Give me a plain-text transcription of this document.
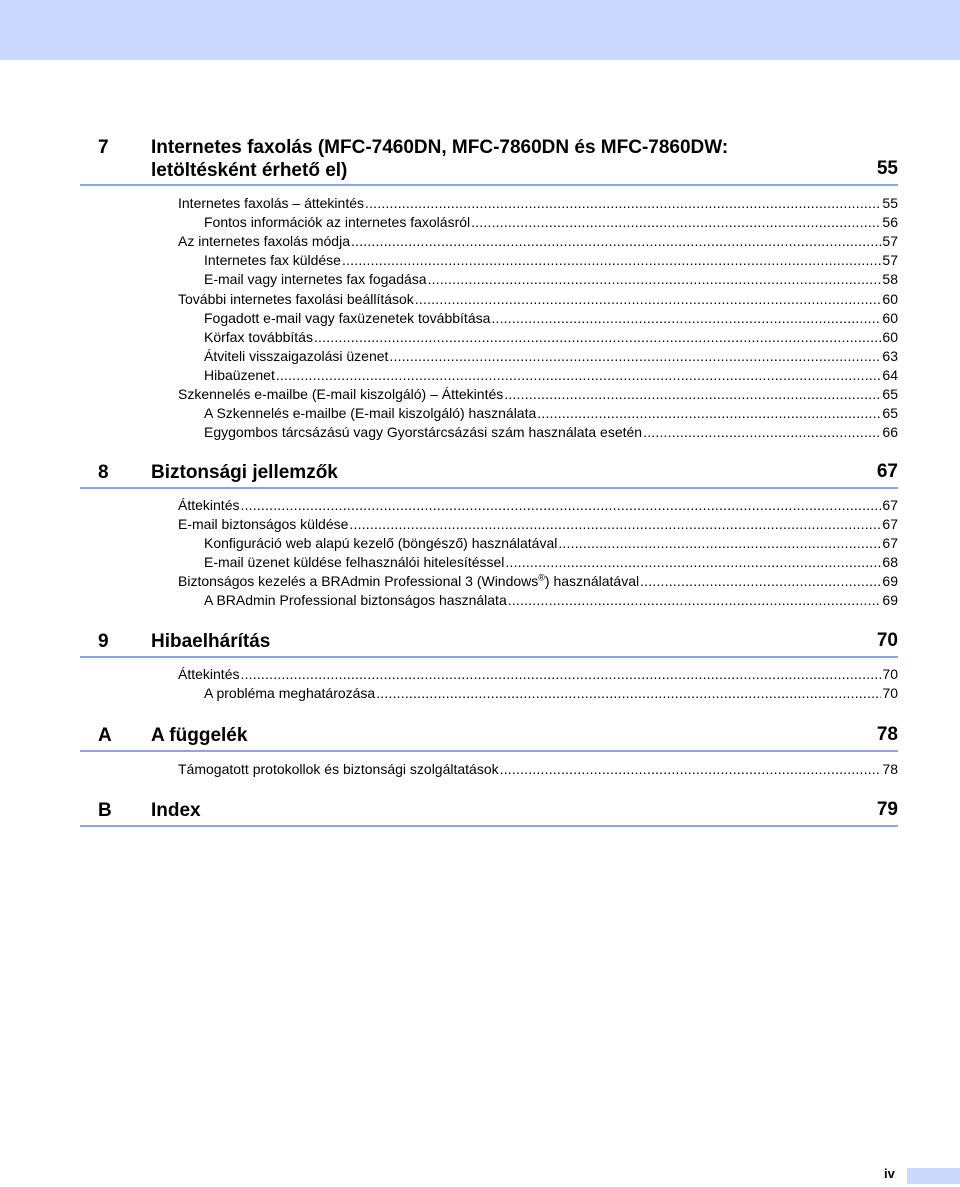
7 Internetes faxolás (MFC-7460DN, MFC-7860DN és MFC-7860DW: letöltésként érhető el)	55
Internetes faxolás – áttekintés .....	55
Fontos információk az internetes faxolásról .....	56
Az internetes faxolás módja .....	57
Internetes fax küldése .....	57
E-mail vagy internetes fax fogadása .....	58
További internetes faxolási beállítások .....	60
Fogadott e-mail vagy faxüzenetek továbbítása .....	60
Körfax továbbítás .....	60
Átviteli visszaigazolási üzenet .....	63
Hibaüzenet .....	64
Szkennelés e-mailbe (E-mail kiszolgáló) – Áttekintés .....	65
A Szkennelés e-mailbe (E-mail kiszolgáló) használata .....	65
Egygombos tárcsázású vagy Gyorstárcsázási szám használata esetén .....	66
8 Biztonsági jellemzők	67
Áttekintés .....	67
E-mail biztonságos küldése .....	67
Konfiguráció web alapú kezelő (böngésző) használatával .....	67
E-mail üzenet küldése felhasználói hitelesítéssel .....	68
Biztonságos kezelés a BRAdmin Professional 3 (Windows®) használatával .....	69
A BRAdmin Professional biztonságos használata .....	69
9 Hibaelhárítás	70
Áttekintés .....	70
A probléma meghatározása .....	70
A A függelék	78
Támogatott protokollok és biztonsági szolgáltatások .....	78
B Index	79
iv
